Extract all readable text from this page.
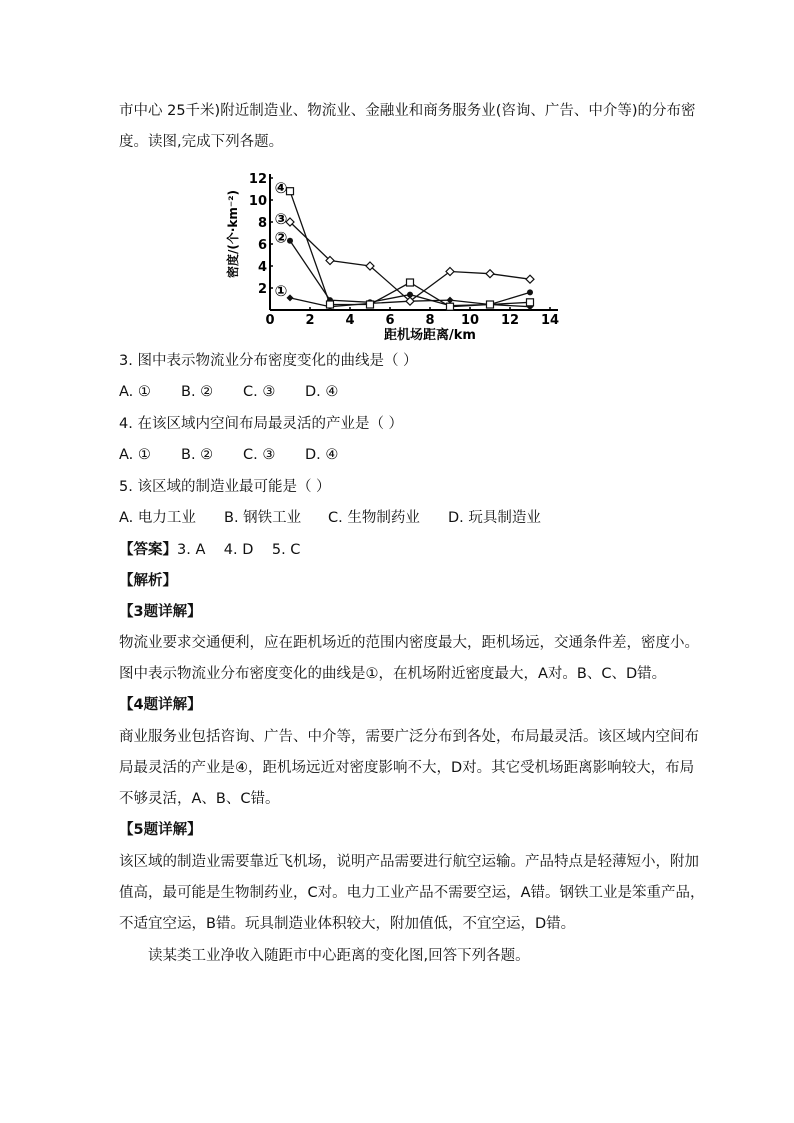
市中心 25千米)附近制造业、物流业、金融业和商务服务业(咨询、广告、中介等)的分布密
度。读图,完成下列各题。
0 2 4 6 8 10 12 14
2
4
6
8
10
12
距机场距离/km
密度/(个·km⁻²)
①
②
③
④
3. 图中表示物流业分布密度变化的曲线是（ ）
A. ① B. ② C. ③ D. ④
4. 在该区域内空间布局最灵活的产业是（ ）
A. ① B. ② C. ③ D. ④
5. 该区域的制造业最可能是（ ）
A. 电力工业 B. 钢铁工业 C. 生物制药业 D. 玩具制造业
【答案】3. A    4. D    5. C
【解析】
【3题详解】
物流业要求交通便利，应在距机场近的范围内密度最大，距机场远，交通条件差，密度小。
图中表示物流业分布密度变化的曲线是①，在机场附近密度最大，A对。B、C、D错。
【4题详解】
商业服务业包括咨询、广告、中介等，需要广泛分布到各处，布局最灵活。该区域内空间布
局最灵活的产业是④，距机场远近对密度影响不大，D对。其它受机场距离影响较大，布局
不够灵活，A、B、C错。
【5题详解】
该区域的制造业需要靠近飞机场，说明产品需要进行航空运输。产品特点是轻薄短小，附加
值高，最可能是生物制药业，C对。电力工业产品不需要空运，A错。钢铁工业是笨重产品，
不适宜空运，B错。玩具制造业体积较大，附加值低，不宜空运，D错。
读某类工业净收入随距市中心距离的变化图,回答下列各题。
